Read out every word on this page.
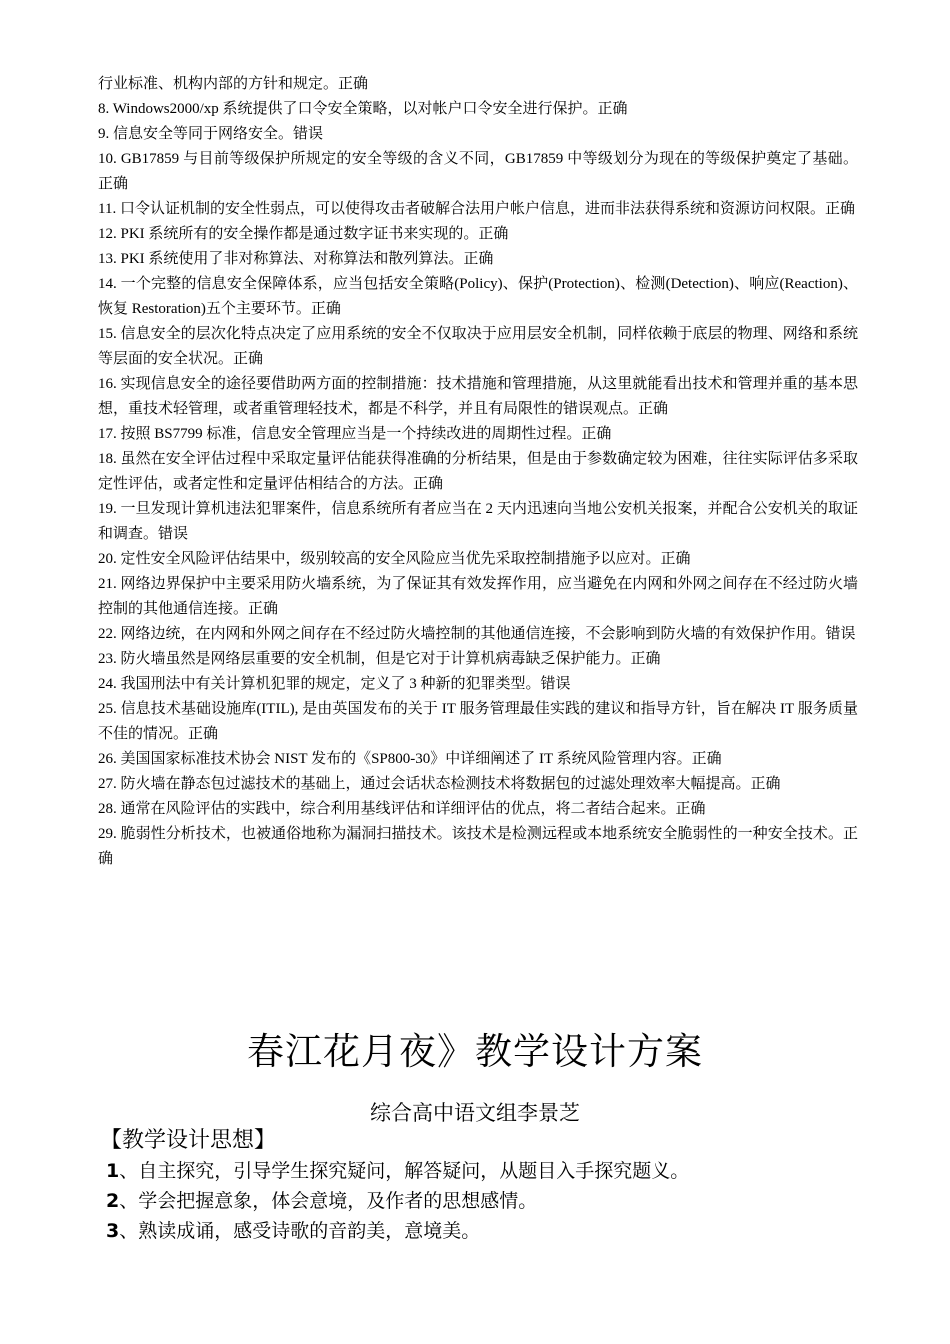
行业标准、机构内部的方针和规定。正确

8. Windows2000/xp 系统提供了口令安全策略，以对帐户口令安全进行保护。正确

9. 信息安全等同于网络安全。错误

10. GB17859 与目前等级保护所规定的安全等级的含义不同，GB17859 中等级划分为现在的等级保护奠定了基础。正确

11. 口令认证机制的安全性弱点，可以使得攻击者破解合法用户帐户信息，进而非法获得系统和资源访问权限。正确

12. PKI 系统所有的安全操作都是通过数字证书来实现的。正确

13. PKI 系统使用了非对称算法、对称算法和散列算法。正确

14. 一个完整的信息安全保障体系，应当包括安全策略(Policy)、保护(Protection)、检测(Detection)、响应(Reaction)、恢复 Restoration)五个主要环节。正确

15. 信息安全的层次化特点决定了应用系统的安全不仅取决于应用层安全机制，同样依赖于底层的物理、网络和系统等层面的安全状况。正确

16. 实现信息安全的途径要借助两方面的控制措施：技术措施和管理措施，从这里就能看出技术和管理并重的基本思想，重技术轻管理，或者重管理轻技术，都是不科学，并且有局限性的错误观点。正确

17. 按照 BS7799 标准，信息安全管理应当是一个持续改进的周期性过程。正确

18. 虽然在安全评估过程中采取定量评估能获得准确的分析结果，但是由于参数确定较为困难，往往实际评估多采取定性评估，或者定性和定量评估相结合的方法。正确

19. 一旦发现计算机违法犯罪案件，信息系统所有者应当在 2 天内迅速向当地公安机关报案，并配合公安机关的取证和调查。错误

20. 定性安全风险评估结果中，级别较高的安全风险应当优先采取控制措施予以应对。正确

21. 网络边界保护中主要采用防火墙系统，为了保证其有效发挥作用，应当避免在内网和外网之间存在不经过防火墙控制的其他通信连接。正确

22. 网络边统，在内网和外网之间存在不经过防火墙控制的其他通信连接，不会影响到防火墙的有效保护作用。错误

23. 防火墙虽然是网络层重要的安全机制，但是它对于计算机病毒缺乏保护能力。正确

24. 我国刑法中有关计算机犯罪的规定，定义了 3 种新的犯罪类型。错误

25. 信息技术基础设施库(ITIL), 是由英国发布的关于 IT 服务管理最佳实践的建议和指导方针，旨在解决 IT 服务质量不佳的情况。正确

26. 美国国家标准技术协会 NIST 发布的《SP800-30》中详细阐述了 IT 系统风险管理内容。正确

27. 防火墙在静态包过滤技术的基础上，通过会话状态检测技术将数据包的过滤处理效率大幅提高。正确

28. 通常在风险评估的实践中，综合利用基线评估和详细评估的优点，将二者结合起来。正确

29. 脆弱性分析技术，也被通俗地称为漏洞扫描技术。该技术是检测远程或本地系统安全脆弱性的一种安全技术。正确

春江花月夜》教学设计方案
综合高中语文组李景芝
【教学设计思想】

1、自主探究，引导学生探究疑问，解答疑问，从题目入手探究题义。

2、学会把握意象，体会意境，及作者的思想感情。

3、熟读成诵，感受诗歌的音韵美，意境美。
